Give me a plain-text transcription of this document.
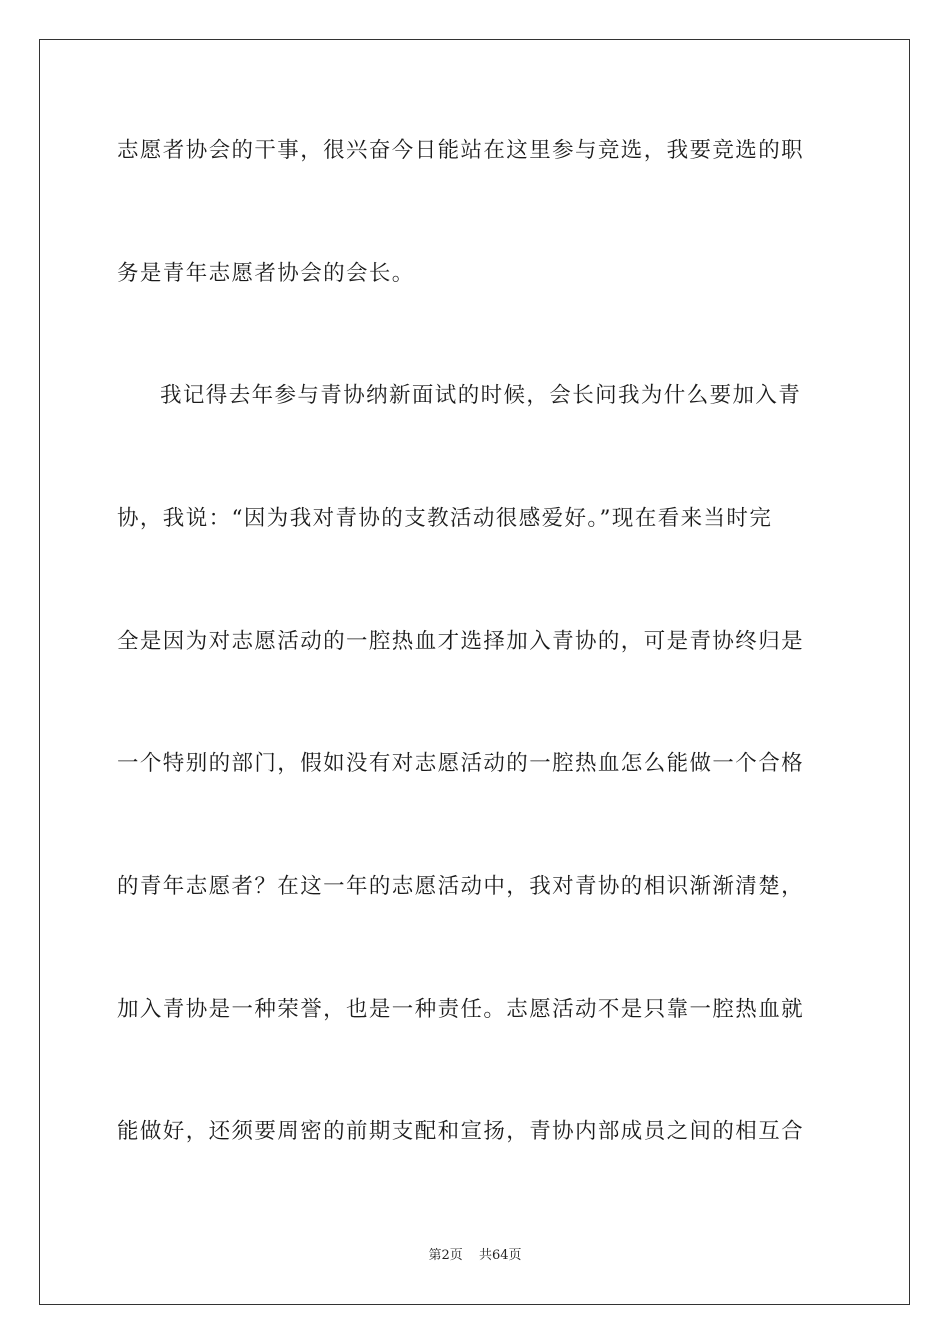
志愿者协会的干事，很兴奋今日能站在这里参与竞选，我要竞选的职
务是青年志愿者协会的会长。
我记得去年参与青协纳新面试的时候，会长问我为什么要加入青
协，我说：“因为我对青协的支教活动很感爱好。”现在看来当时完
全是因为对志愿活动的一腔热血才选择加入青协的，可是青协终归是
一个特别的部门，假如没有对志愿活动的一腔热血怎么能做一个合格
的青年志愿者？在这一年的志愿活动中，我对青协的相识渐渐清楚，
加入青协是一种荣誉，也是一种责任。志愿活动不是只靠一腔热血就
能做好，还须要周密的前期支配和宣扬，青协内部成员之间的相互合
第2页 共64页
